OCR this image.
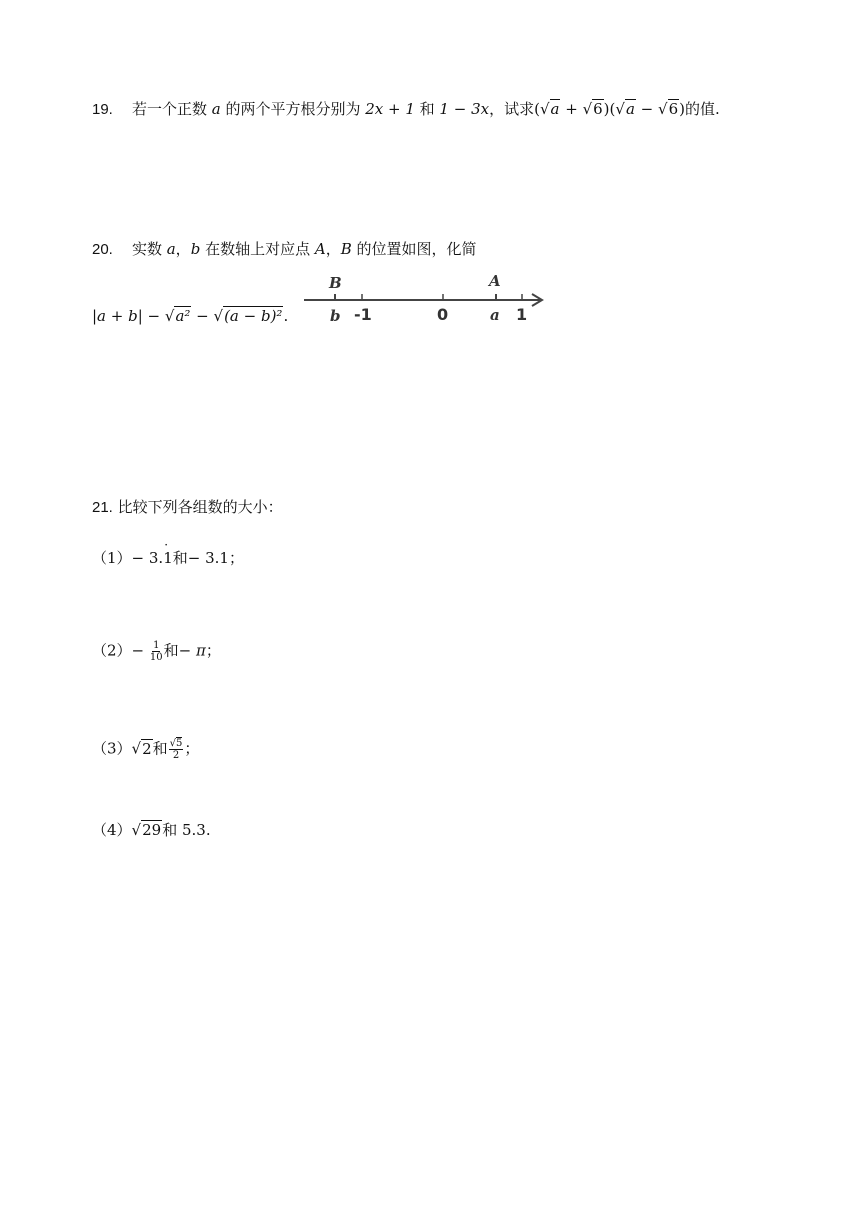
19. 若一个正数 a 的两个平方根分别为 2x + 1 和 1 − 3x，试求(√a + √6)(√a − √6)的值.
20. 实数 a，b 在数轴上对应点 A，B 的位置如图，化简
|a + b| − √a² − √(a − b)².
B	A
b -1	0	a 1
21. 比较下列各组数的大小：
（1）− 3.· 1和− 3.1；
$(2)- \frac{1}{10}$ 和− π；
（3）√2和 $\frac{√5}{2}$ ；
（4）√29和 5.3.
